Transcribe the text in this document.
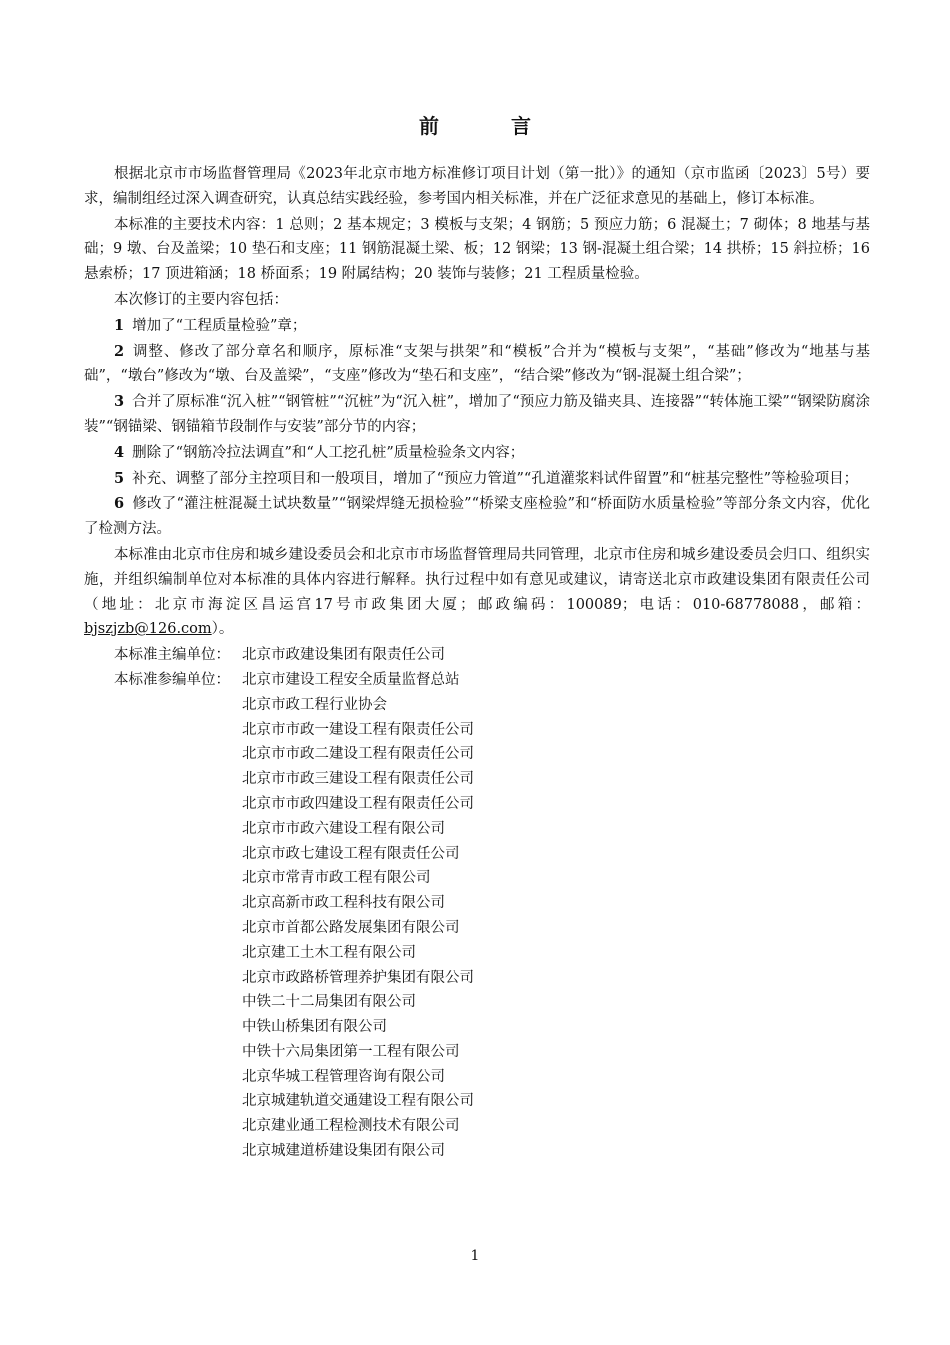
前　言

根据北京市市场监督管理局《2023年北京市地方标准修订项目计划（第一批）》的通知（京市监函〔2023〕5号）要求，编制组经过深入调查研究，认真总结实践经验，参考国内相关标准，并在广泛征求意见的基础上，修订本标准。

本标准的主要技术内容：1 总则；2 基本规定；3 模板与支架；4 钢筋；5 预应力筋；6 混凝土；7 砌体；8 地基与基础；9 墩、台及盖梁；10 垫石和支座；11 钢筋混凝土梁、板；12 钢梁；13 钢-混凝土组合梁；14 拱桥；15 斜拉桥；16 悬索桥；17 顶进箱涵；18 桥面系；19 附属结构；20 装饰与装修；21 工程质量检验。

本次修订的主要内容包括：

1 增加了“工程质量检验”章；

2 调整、修改了部分章名和顺序，原标准“支架与拱架”和“模板”合并为“模板与支架”，“基础”修改为“地基与基础”，“墩台”修改为“墩、台及盖梁”，“支座”修改为“垫石和支座”，“结合梁”修改为“钢-混凝土组合梁”；

3 合并了原标准“沉入桩”“钢管桩”“沉桩”为“沉入桩”，增加了“预应力筋及锚夹具、连接器”“转体施工梁”“钢梁防腐涂装”“钢锚梁、钢锚箱节段制作与安装”部分节的内容；

4 删除了“钢筋冷拉法调直”和“人工挖孔桩”质量检验条文内容；

5 补充、调整了部分主控项目和一般项目，增加了“预应力管道”“孔道灌浆料试件留置”和“桩基完整性”等检验项目；

6 修改了“灌注桩混凝土试块数量”“钢梁焊缝无损检验”“桥梁支座检验”和“桥面防水质量检验”等部分条文内容，优化了检测方法。

本标准由北京市住房和城乡建设委员会和北京市市场监督管理局共同管理，北京市住房和城乡建设委员会归口、组织实施，并组织编制单位对本标准的具体内容进行解释。执行过程中如有意见或建议，请寄送北京市政建设集团有限责任公司（地址：北京市海淀区昌运宫17号市政集团大厦；邮政编码：100089；电话：010-68778088，邮箱：bjszjzb@126.com）。

本标准主编单位： 北京市政建设集团有限责任公司
本标准参编单位： 北京市建设工程安全质量监督总站
北京市政工程行业协会
北京市市政一建设工程有限责任公司
北京市市政二建设工程有限责任公司
北京市市政三建设工程有限责任公司
北京市市政四建设工程有限责任公司
北京市市政六建设工程有限公司
北京市政七建设工程有限责任公司
北京市常青市政工程有限公司
北京高新市政工程科技有限公司
北京市首都公路发展集团有限公司
北京建工土木工程有限公司
北京市政路桥管理养护集团有限公司
中铁二十二局集团有限公司
中铁山桥集团有限公司
中铁十六局集团第一工程有限公司
北京华城工程管理咨询有限公司
北京城建轨道交通建设工程有限公司
北京建业通工程检测技术有限公司
北京城建道桥建设集团有限公司
1
